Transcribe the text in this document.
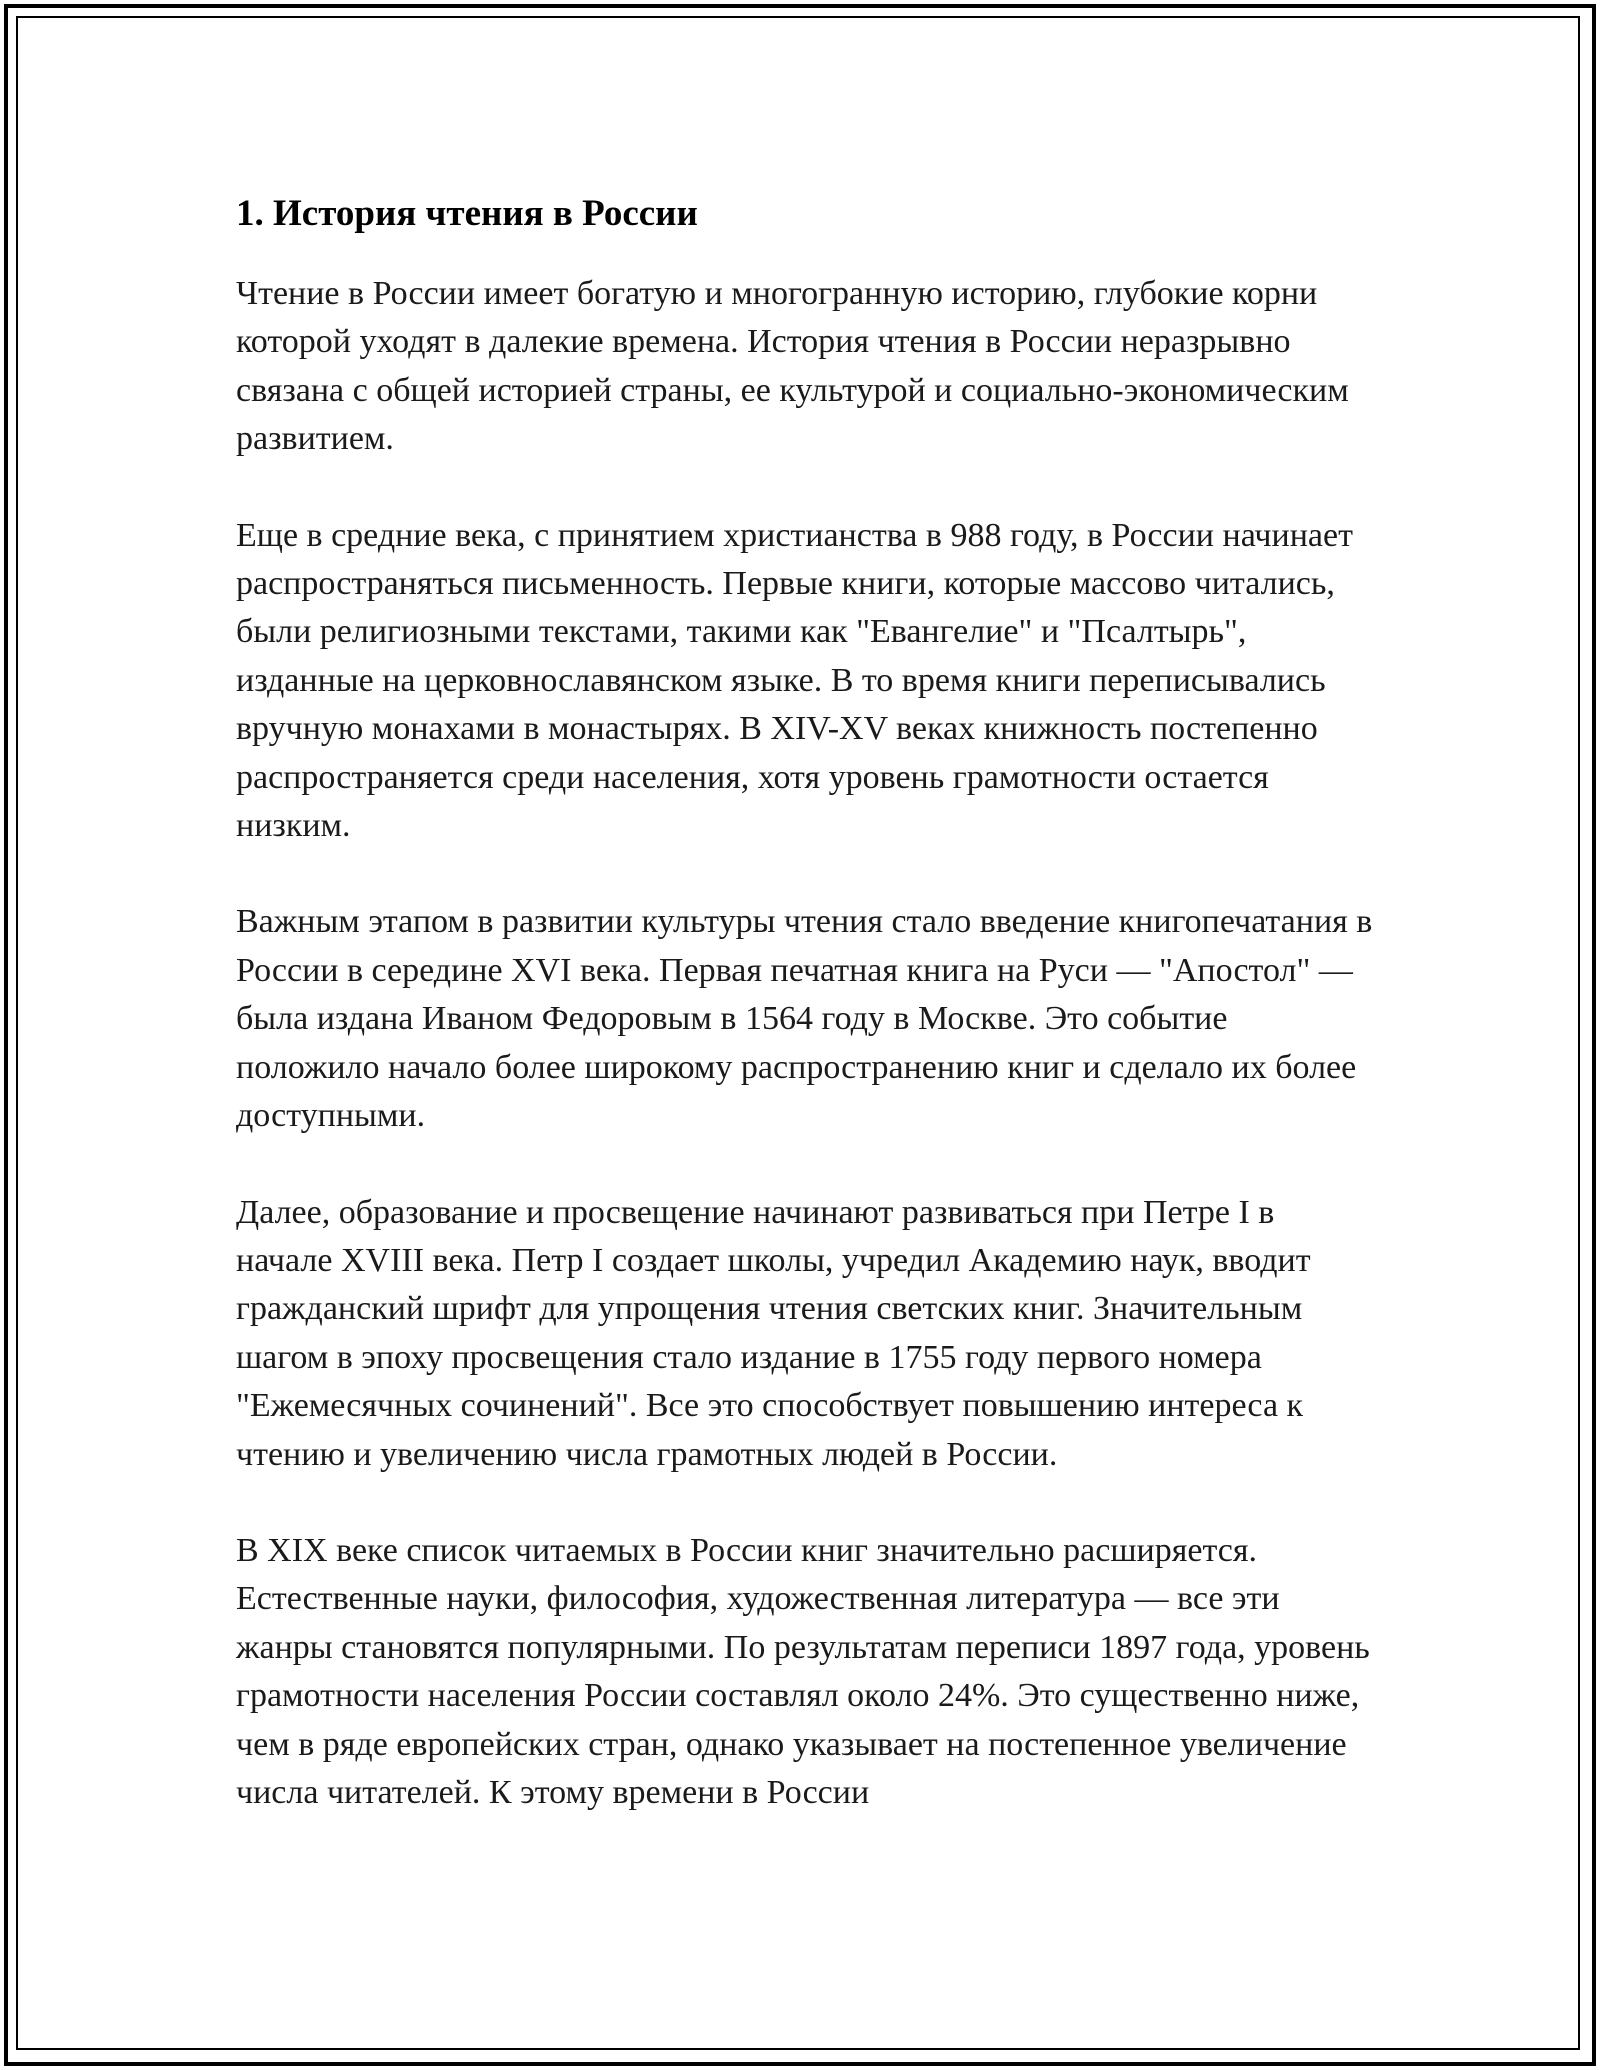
1. История чтения в России

Чтение в России имеет богатую и многогранную историю, глубокие корни которой уходят в далекие времена. История чтения в России неразрывно связана с общей историей страны, ее культурой и социально-экономическим развитием.

Еще в средние века, с принятием христианства в 988 году, в России начинает распространяться письменность. Первые книги, которые массово читались, были религиозными текстами, такими как "Евангелие" и "Псалтырь", изданные на церковнославянском языке. В то время книги переписывались вручную монахами в монастырях. В XIV-XV веках книжность постепенно распространяется среди населения, хотя уровень грамотности остается низким.

Важным этапом в развитии культуры чтения стало введение книгопечатания в России в середине XVI века. Первая печатная книга на Руси — "Апостол" — была издана Иваном Федоровым в 1564 году в Москве. Это событие положило начало более широкому распространению книг и сделало их более доступными.

Далее, образование и просвещение начинают развиваться при Петре I в начале XVIII века. Петр I создает школы, учредил Академию наук, вводит гражданский шрифт для упрощения чтения светских книг. Значительным шагом в эпоху просвещения стало издание в 1755 году первого номера "Ежемесячных сочинений". Все это способствует повышению интереса к чтению и увеличению числа грамотных людей в России.

В XIX веке список читаемых в России книг значительно расширяется. Естественные науки, философия, художественная литература — все эти жанры становятся популярными. По результатам переписи 1897 года, уровень грамотности населения России составлял около 24%. Это существенно ниже, чем в ряде европейских стран, однако указывает на постепенное увеличение числа читателей. К этому времени в России
